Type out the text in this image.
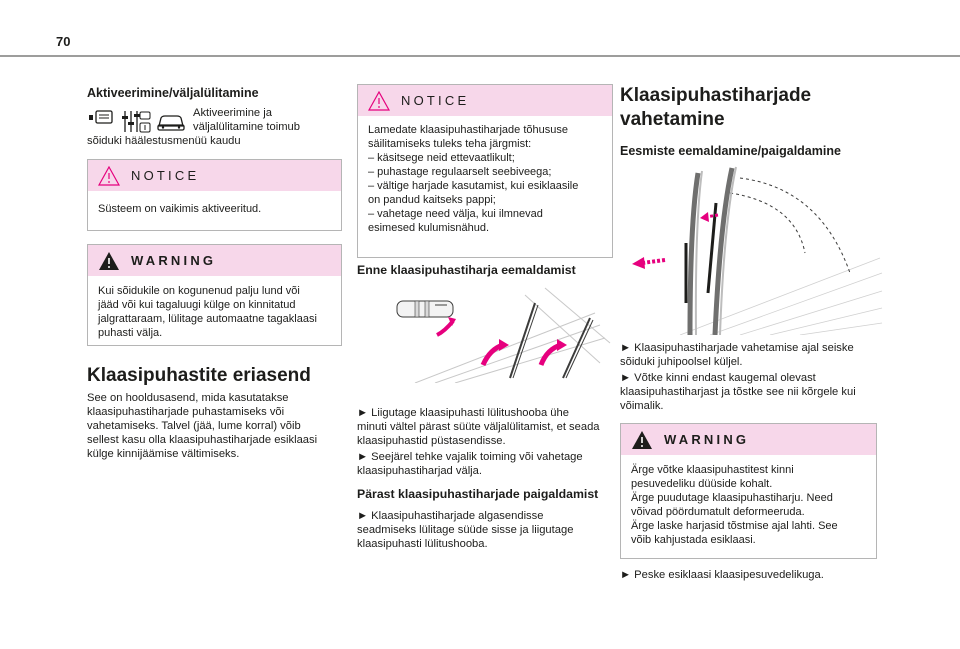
70
Aktiveerimine/väljalülitamine

Aktiveerimine ja

väljalülitamine toimub

sõiduki häälestusmenüü kaudu

NOTICE
Süsteem on vaikimis aktiveeritud.
WARNING
Kui sõidukile on kogunenud palju lund või
jääd või kui tagaluugi külge on kinnitatud
jalgrattaraam, lülitage automaatne tagaklaasi
puhasti välja.
Klaasipuhastite eriasend

See on hooldusasend, mida kasutatakse

klaasipuhastiharjade puhastamiseks või

vahetamiseks. Talvel (jää, lume korral) võib

sellest kasu olla klaasipuhastiharjade esiklaasi

külge kinnijäämise vältimiseks.

NOTICE
Lamedate klaasipuhastiharjade tõhususe
säilitamiseks tuleks teha järgmist:
– käsitsege neid ettevaatlikult;
– puhastage regulaarselt seebiveega;
– vältige harjade kasutamist, kui esiklaasile
on pandud kaitseks pappi;
– vahetage need välja, kui ilmnevad
esimesed kulumisnähud.
Enne klaasipuhastiharja eemaldamist

► Liigutage klaasipuhasti lülitushooba ühe

minuti vältel pärast süüte väljalülitamist, et seada

klaasipuhastid püstasendisse.

► Seejärel tehke vajalik toiming või vahetage

klaasipuhastiharjad välja.

Pärast klaasipuhastiharjade paigaldamist

► Klaasipuhastiharjade algasendisse

seadmiseks lülitage süüde sisse ja liigutage

klaasipuhasti lülitushooba.

Klaasipuhastiharjade
vahetamine
Eesmiste eemaldamine/paigaldamine

► Klaasipuhastiharjade vahetamise ajal seiske

sõiduki juhipoolsel küljel.

► Võtke kinni endast kaugemal olevast

klaasipuhastiharjast ja tõstke see nii kõrgele kui

võimalik.

WARNING
Ärge võtke klaasipuhastitest kinni
pesuvedeliku düüside kohalt.
Ärge puudutage klaasipuhastiharju. Need
võivad pöördumatult deformeeruda.
Ärge laske harjasid tõstmise ajal lahti. See
võib kahjustada esiklaasi.

► Peske esiklaasi klaasipesuvedelikuga.
